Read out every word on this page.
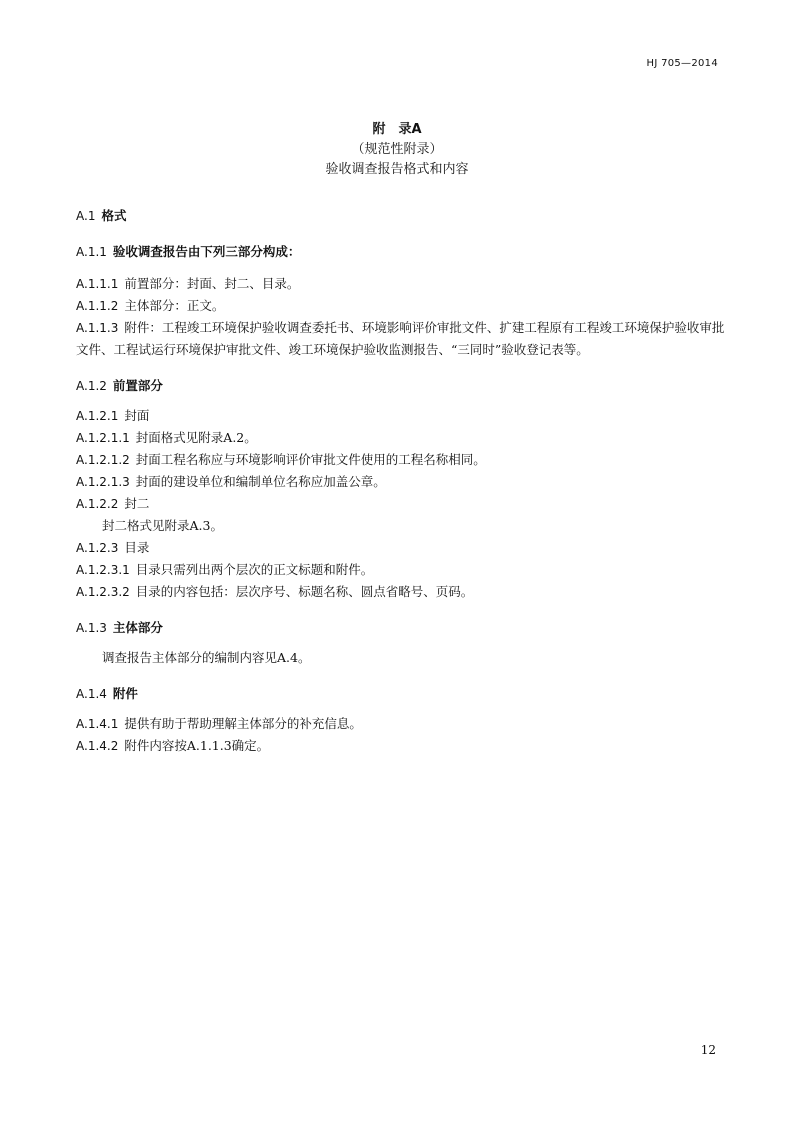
HJ 705—2014
附　录A
（规范性附录）
验收调查报告格式和内容
A.1 格式
A.1.1 验收调查报告由下列三部分构成：
A.1.1.1 前置部分：封面、封二、目录。
A.1.1.2 主体部分：正文。
A.1.1.3 附件：工程竣工环境保护验收调查委托书、环境影响评价审批文件、扩建工程原有工程竣工环境保护验收审批文件、工程试运行环境保护审批文件、竣工环境保护验收监测报告、“三同时”验收登记表等。
A.1.2 前置部分
A.1.2.1 封面
A.1.2.1.1 封面格式见附录A.2。
A.1.2.1.2 封面工程名称应与环境影响评价审批文件使用的工程名称相同。
A.1.2.1.3 封面的建设单位和编制单位名称应加盖公章。
A.1.2.2 封二
封二格式见附录A.3。
A.1.2.3 目录
A.1.2.3.1 目录只需列出两个层次的正文标题和附件。
A.1.2.3.2 目录的内容包括：层次序号、标题名称、圆点省略号、页码。
A.1.3 主体部分
调查报告主体部分的编制内容见A.4。
A.1.4 附件
A.1.4.1 提供有助于帮助理解主体部分的补充信息。
A.1.4.2 附件内容按A.1.1.3确定。
12
